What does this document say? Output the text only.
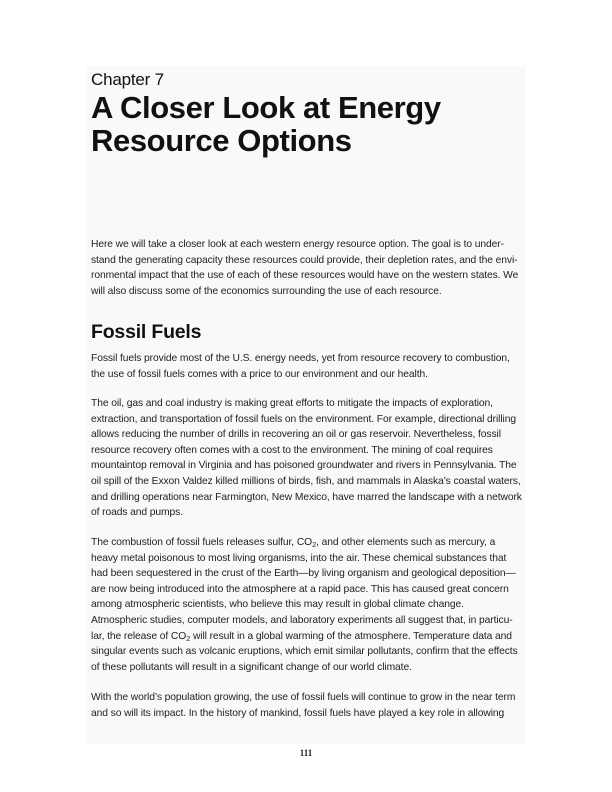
Chapter 7
A Closer Look at Energy
Resource Options

Here we will take a closer look at each western energy resource option. The goal is to under-
stand the generating capacity these resources could provide, their depletion rates, and the envi-
ronmental impact that the use of each of these resources would have on the western states. We
will also discuss some of the economics surrounding the use of each resource.

Fossil Fuels

Fossil fuels provide most of the U.S. energy needs, yet from resource recovery to combustion,
the use of fossil fuels comes with a price to our environment and our health.

The oil, gas and coal industry is making great efforts to mitigate the impacts of exploration,
extraction, and transportation of fossil fuels on the environment. For example, directional drilling
allows reducing the number of drills in recovering an oil or gas reservoir. Nevertheless, fossil
resource recovery often comes with a cost to the environment. The mining of coal requires
mountaintop removal in Virginia and has poisoned groundwater and rivers in Pennsylvania. The
oil spill of the Exxon Valdez killed millions of birds, fish, and mammals in Alaska’s coastal waters,
and drilling operations near Farmington, New Mexico, have marred the landscape with a network
of roads and pumps.

The combustion of fossil fuels releases sulfur, $CO_2$, and other elements such as mercury, a
heavy metal poisonous to most living organisms, into the air. These chemical substances that
had been sequestered in the crust of the Earth—by living organism and geological deposition—
are now being introduced into the atmosphere at a rapid pace. This has caused great concern
among atmospheric scientists, who believe this may result in global climate change.
Atmospheric studies, computer models, and laboratory experiments all suggest that, in particu-
lar, the release of $CO_2$ will result in a global warming of the atmosphere. Temperature data and
singular events such as volcanic eruptions, which emit similar pollutants, confirm that the effects
of these pollutants will result in a significant change of our world climate.

With the world’s population growing, the use of fossil fuels will continue to grow in the near term
and so will its impact. In the history of mankind, fossil fuels have played a key role in allowing

111
